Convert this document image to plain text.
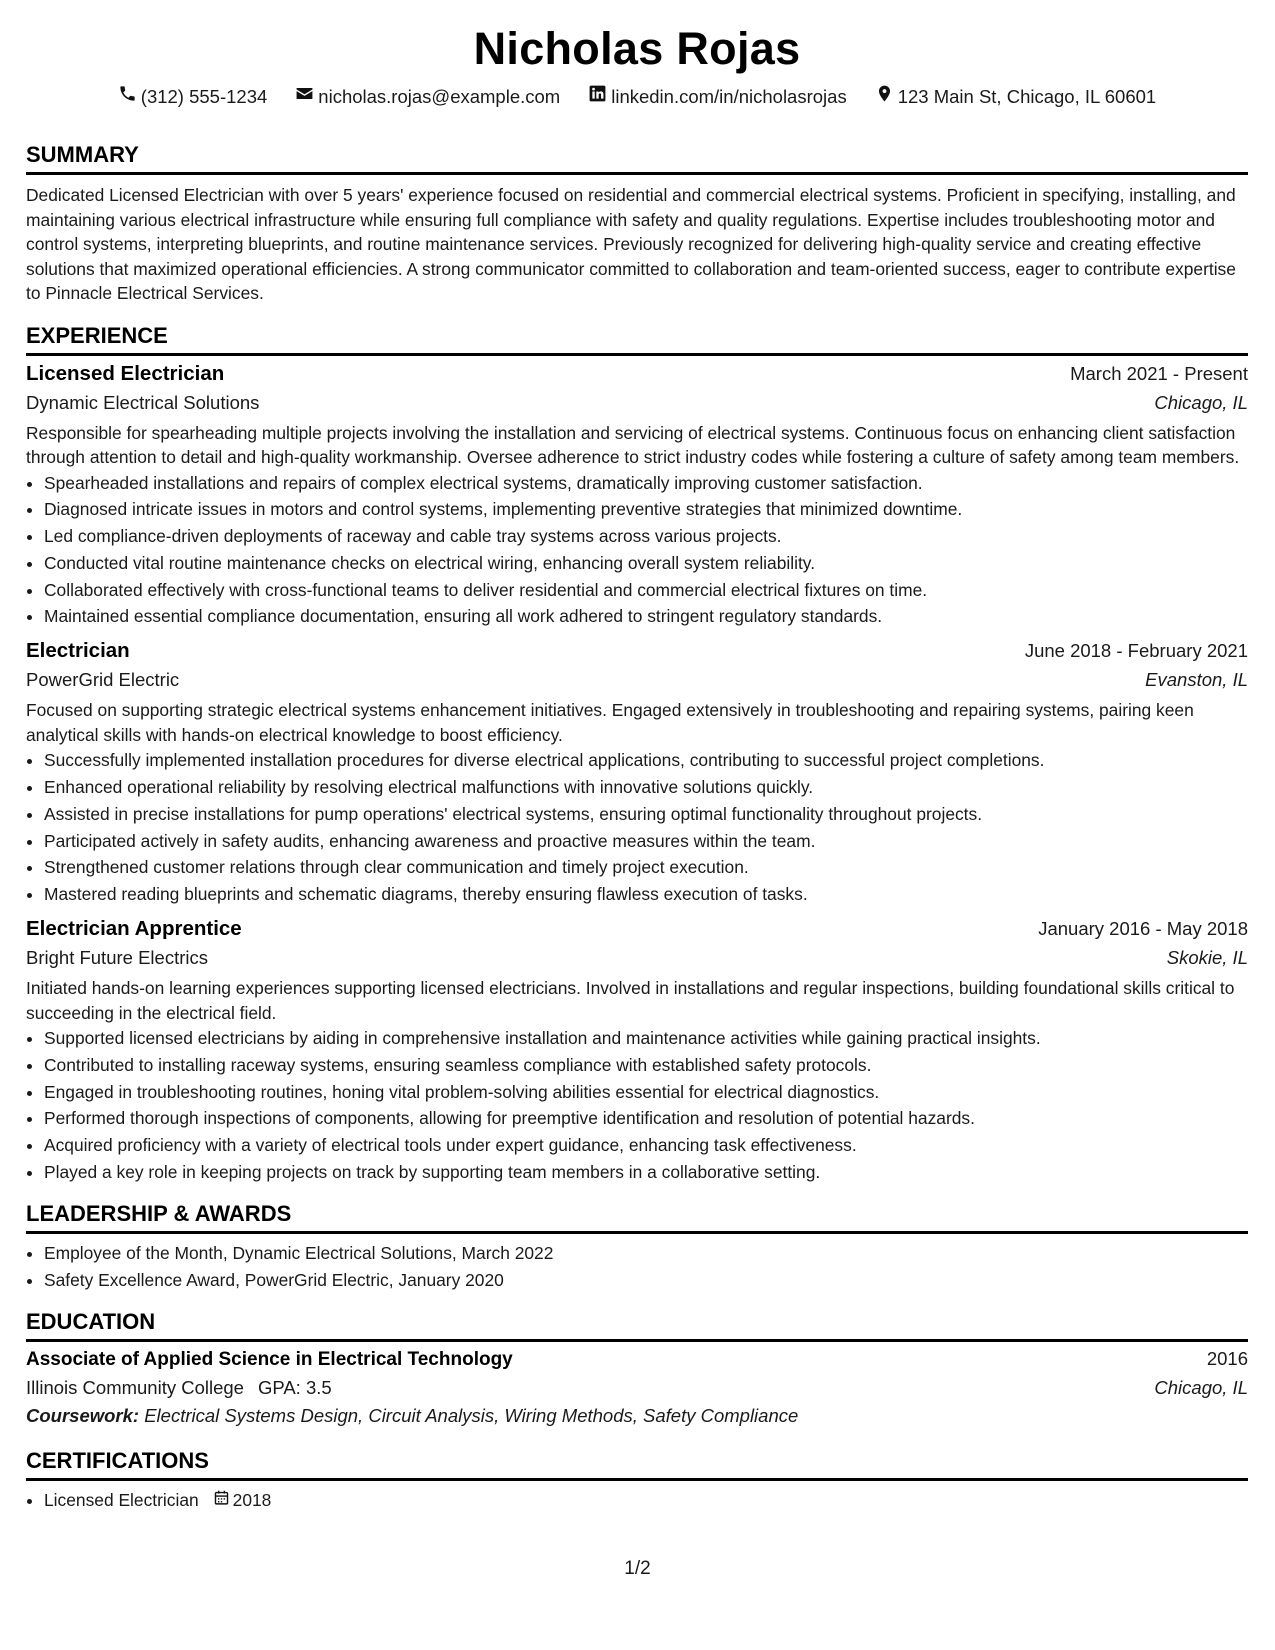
Nicholas Rojas
(312) 555-1234	nicholas.rojas@example.com	linkedin.com/in/nicholasrojas	123 Main St, Chicago, IL 60601
SUMMARY

Dedicated Licensed Electrician with over 5 years' experience focused on residential and commercial electrical systems. Proficient in specifying, installing, and maintaining various electrical infrastructure while ensuring full compliance with safety and quality regulations. Expertise includes troubleshooting motor and control systems, interpreting blueprints, and routine maintenance services. Previously recognized for delivering high-quality service and creating effective solutions that maximized operational efficiencies. A strong communicator committed to collaboration and team-oriented success, eager to contribute expertise to Pinnacle Electrical Services.

EXPERIENCE
Licensed Electrician	March 2021 - Present
Dynamic Electrical Solutions	Chicago, IL
Responsible for spearheading multiple projects involving the installation and servicing of electrical systems. Continuous focus on enhancing client satisfaction through attention to detail and high-quality workmanship. Oversee adherence to strict industry codes while fostering a culture of safety among team members.
• Spearheaded installations and repairs of complex electrical systems, dramatically improving customer satisfaction.
• Diagnosed intricate issues in motors and control systems, implementing preventive strategies that minimized downtime.
• Led compliance-driven deployments of raceway and cable tray systems across various projects.
• Conducted vital routine maintenance checks on electrical wiring, enhancing overall system reliability.
• Collaborated effectively with cross-functional teams to deliver residential and commercial electrical fixtures on time.
• Maintained essential compliance documentation, ensuring all work adhered to stringent regulatory standards.
Electrician	June 2018 - February 2021
PowerGrid Electric	Evanston, IL
Focused on supporting strategic electrical systems enhancement initiatives. Engaged extensively in troubleshooting and repairing systems, pairing keen analytical skills with hands-on electrical knowledge to boost efficiency.
• Successfully implemented installation procedures for diverse electrical applications, contributing to successful project completions.
• Enhanced operational reliability by resolving electrical malfunctions with innovative solutions quickly.
• Assisted in precise installations for pump operations' electrical systems, ensuring optimal functionality throughout projects.
• Participated actively in safety audits, enhancing awareness and proactive measures within the team.
• Strengthened customer relations through clear communication and timely project execution.
• Mastered reading blueprints and schematic diagrams, thereby ensuring flawless execution of tasks.
Electrician Apprentice	January 2016 - May 2018
Bright Future Electrics	Skokie, IL
Initiated hands-on learning experiences supporting licensed electricians. Involved in installations and regular inspections, building foundational skills critical to succeeding in the electrical field.
• Supported licensed electricians by aiding in comprehensive installation and maintenance activities while gaining practical insights.
• Contributed to installing raceway systems, ensuring seamless compliance with established safety protocols.
• Engaged in troubleshooting routines, honing vital problem-solving abilities essential for electrical diagnostics.
• Performed thorough inspections of components, allowing for preemptive identification and resolution of potential hazards.
• Acquired proficiency with a variety of electrical tools under expert guidance, enhancing task effectiveness.
• Played a key role in keeping projects on track by supporting team members in a collaborative setting.
LEADERSHIP & AWARDS
• Employee of the Month, Dynamic Electrical Solutions, March 2022
• Safety Excellence Award, PowerGrid Electric, January 2020
EDUCATION
Associate of Applied Science in Electrical Technology	2016
Illinois Community College GPA: 3.5	Chicago, IL
Coursework: Electrical Systems Design, Circuit Analysis, Wiring Methods, Safety Compliance
CERTIFICATIONS
• Licensed Electrician 2018
1/2
